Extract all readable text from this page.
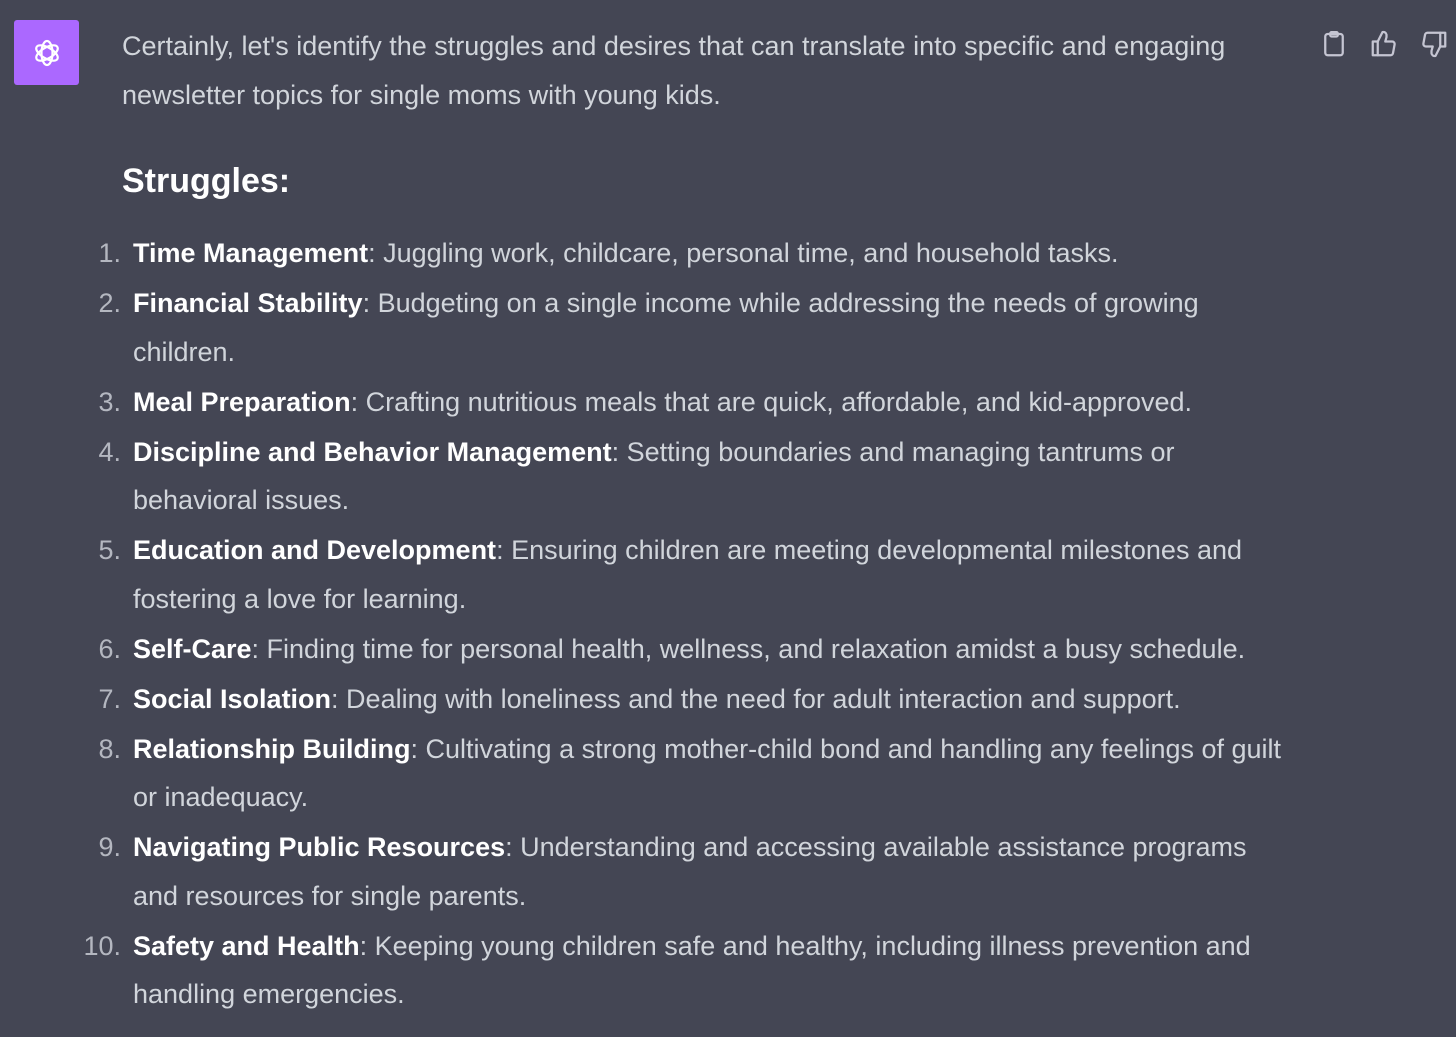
Certainly, let's identify the struggles and desires that can translate into specific and engaging newsletter topics for single moms with young kids.

Struggles:
1. Time Management: Juggling work, childcare, personal time, and household tasks.
2. Financial Stability: Budgeting on a single income while addressing the needs of growing children.
3. Meal Preparation: Crafting nutritious meals that are quick, affordable, and kid-approved.
4. Discipline and Behavior Management: Setting boundaries and managing tantrums or behavioral issues.
5. Education and Development: Ensuring children are meeting developmental milestones and fostering a love for learning.
6. Self-Care: Finding time for personal health, wellness, and relaxation amidst a busy schedule.
7. Social Isolation: Dealing with loneliness and the need for adult interaction and support.
8. Relationship Building: Cultivating a strong mother-child bond and handling any feelings of guilt or inadequacy.
9. Navigating Public Resources: Understanding and accessing available assistance programs and resources for single parents.
10. Safety and Health: Keeping young children safe and healthy, including illness prevention and handling emergencies.
